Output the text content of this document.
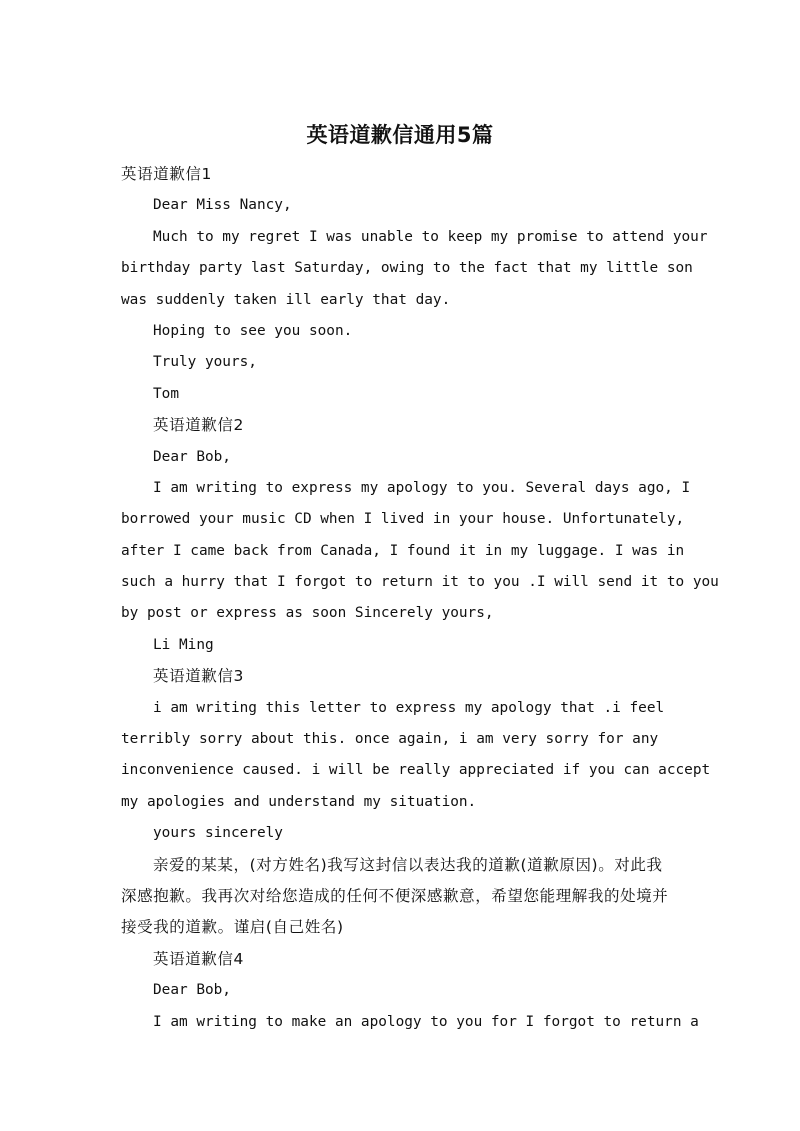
英语道歉信通用5篇
英语道歉信1
Dear Miss Nancy,
Much to my regret I was unable to keep my promise to attend your
birthday party last Saturday, owing to the fact that my little son
was suddenly taken ill early that day.
Hoping to see you soon.
Truly yours,
Tom
英语道歉信2
Dear Bob,
I am writing to express my apology to you. Several days ago, I
borrowed your music CD when I lived in your house. Unfortunately,
after I came back from Canada, I found it in my luggage. I was in
such a hurry that I forgot to return it to you .I will send it to you
by post or express as soon Sincerely yours,
Li Ming
英语道歉信3
i am writing this letter to express my apology that .i feel
terribly sorry about this. once again, i am very sorry for any
inconvenience caused. i will be really appreciated if you can accept
my apologies and understand my situation.
yours sincerely
亲爱的某某，(对方姓名)我写这封信以表达我的道歉(道歉原因)。对此我
深感抱歉。我再次对给您造成的任何不便深感歉意，希望您能理解我的处境并
接受我的道歉。谨启(自己姓名)
英语道歉信4
Dear Bob,
I am writing to make an apology to you for I forgot to return a
